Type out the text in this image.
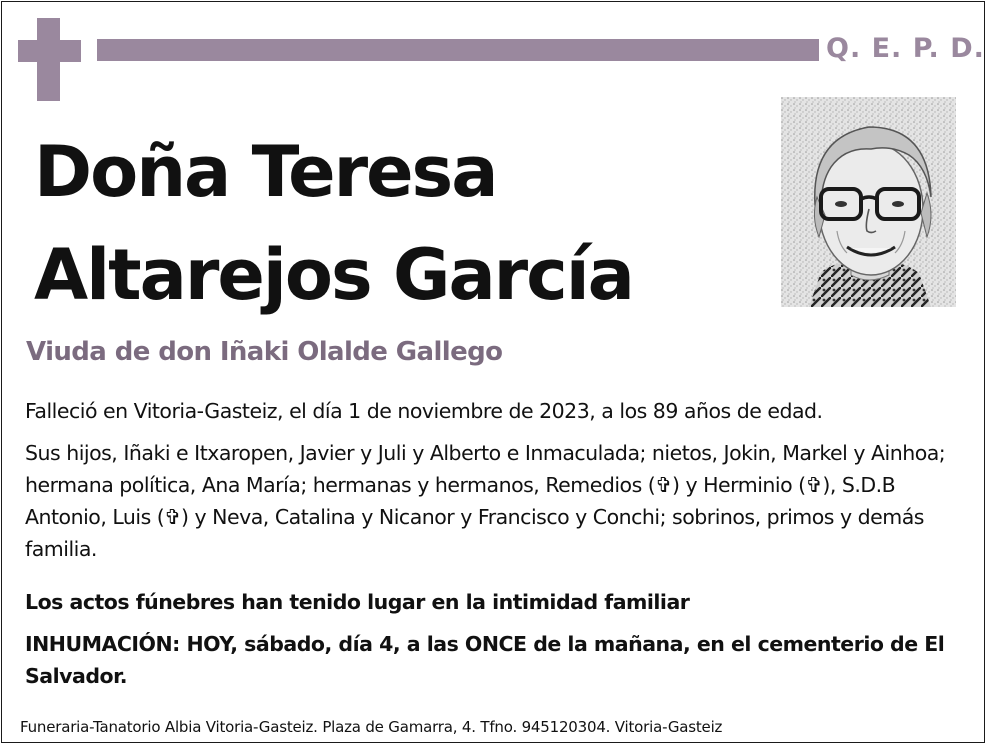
Q. E. P. D.
Doña Teresa
Altarejos García
Viuda de don Iñaki Olalde Gallego
Falleció en Vitoria-Gasteiz, el día 1 de noviembre de 2023, a los 89 años de edad.
Sus hijos, Iñaki e Itxaropen, Javier y Juli y Alberto e Inmaculada; nietos, Jokin, Markel y Ainhoa; hermana política, Ana María; hermanas y hermanos, Remedios (✞) y Herminio (✞), S.D.B Antonio, Luis (✞) y Neva, Catalina y Nicanor y Francisco y Conchi; sobrinos, primos y demás familia.
Los actos fúnebres han tenido lugar en la intimidad familiar
INHUMACIÓN: HOY, sábado, día 4, a las ONCE de la mañana, en el cementerio de El Salvador.
Funeraria-Tanatorio Albia Vitoria-Gasteiz. Plaza de Gamarra, 4. Tfno. 945120304. Vitoria-Gasteiz
